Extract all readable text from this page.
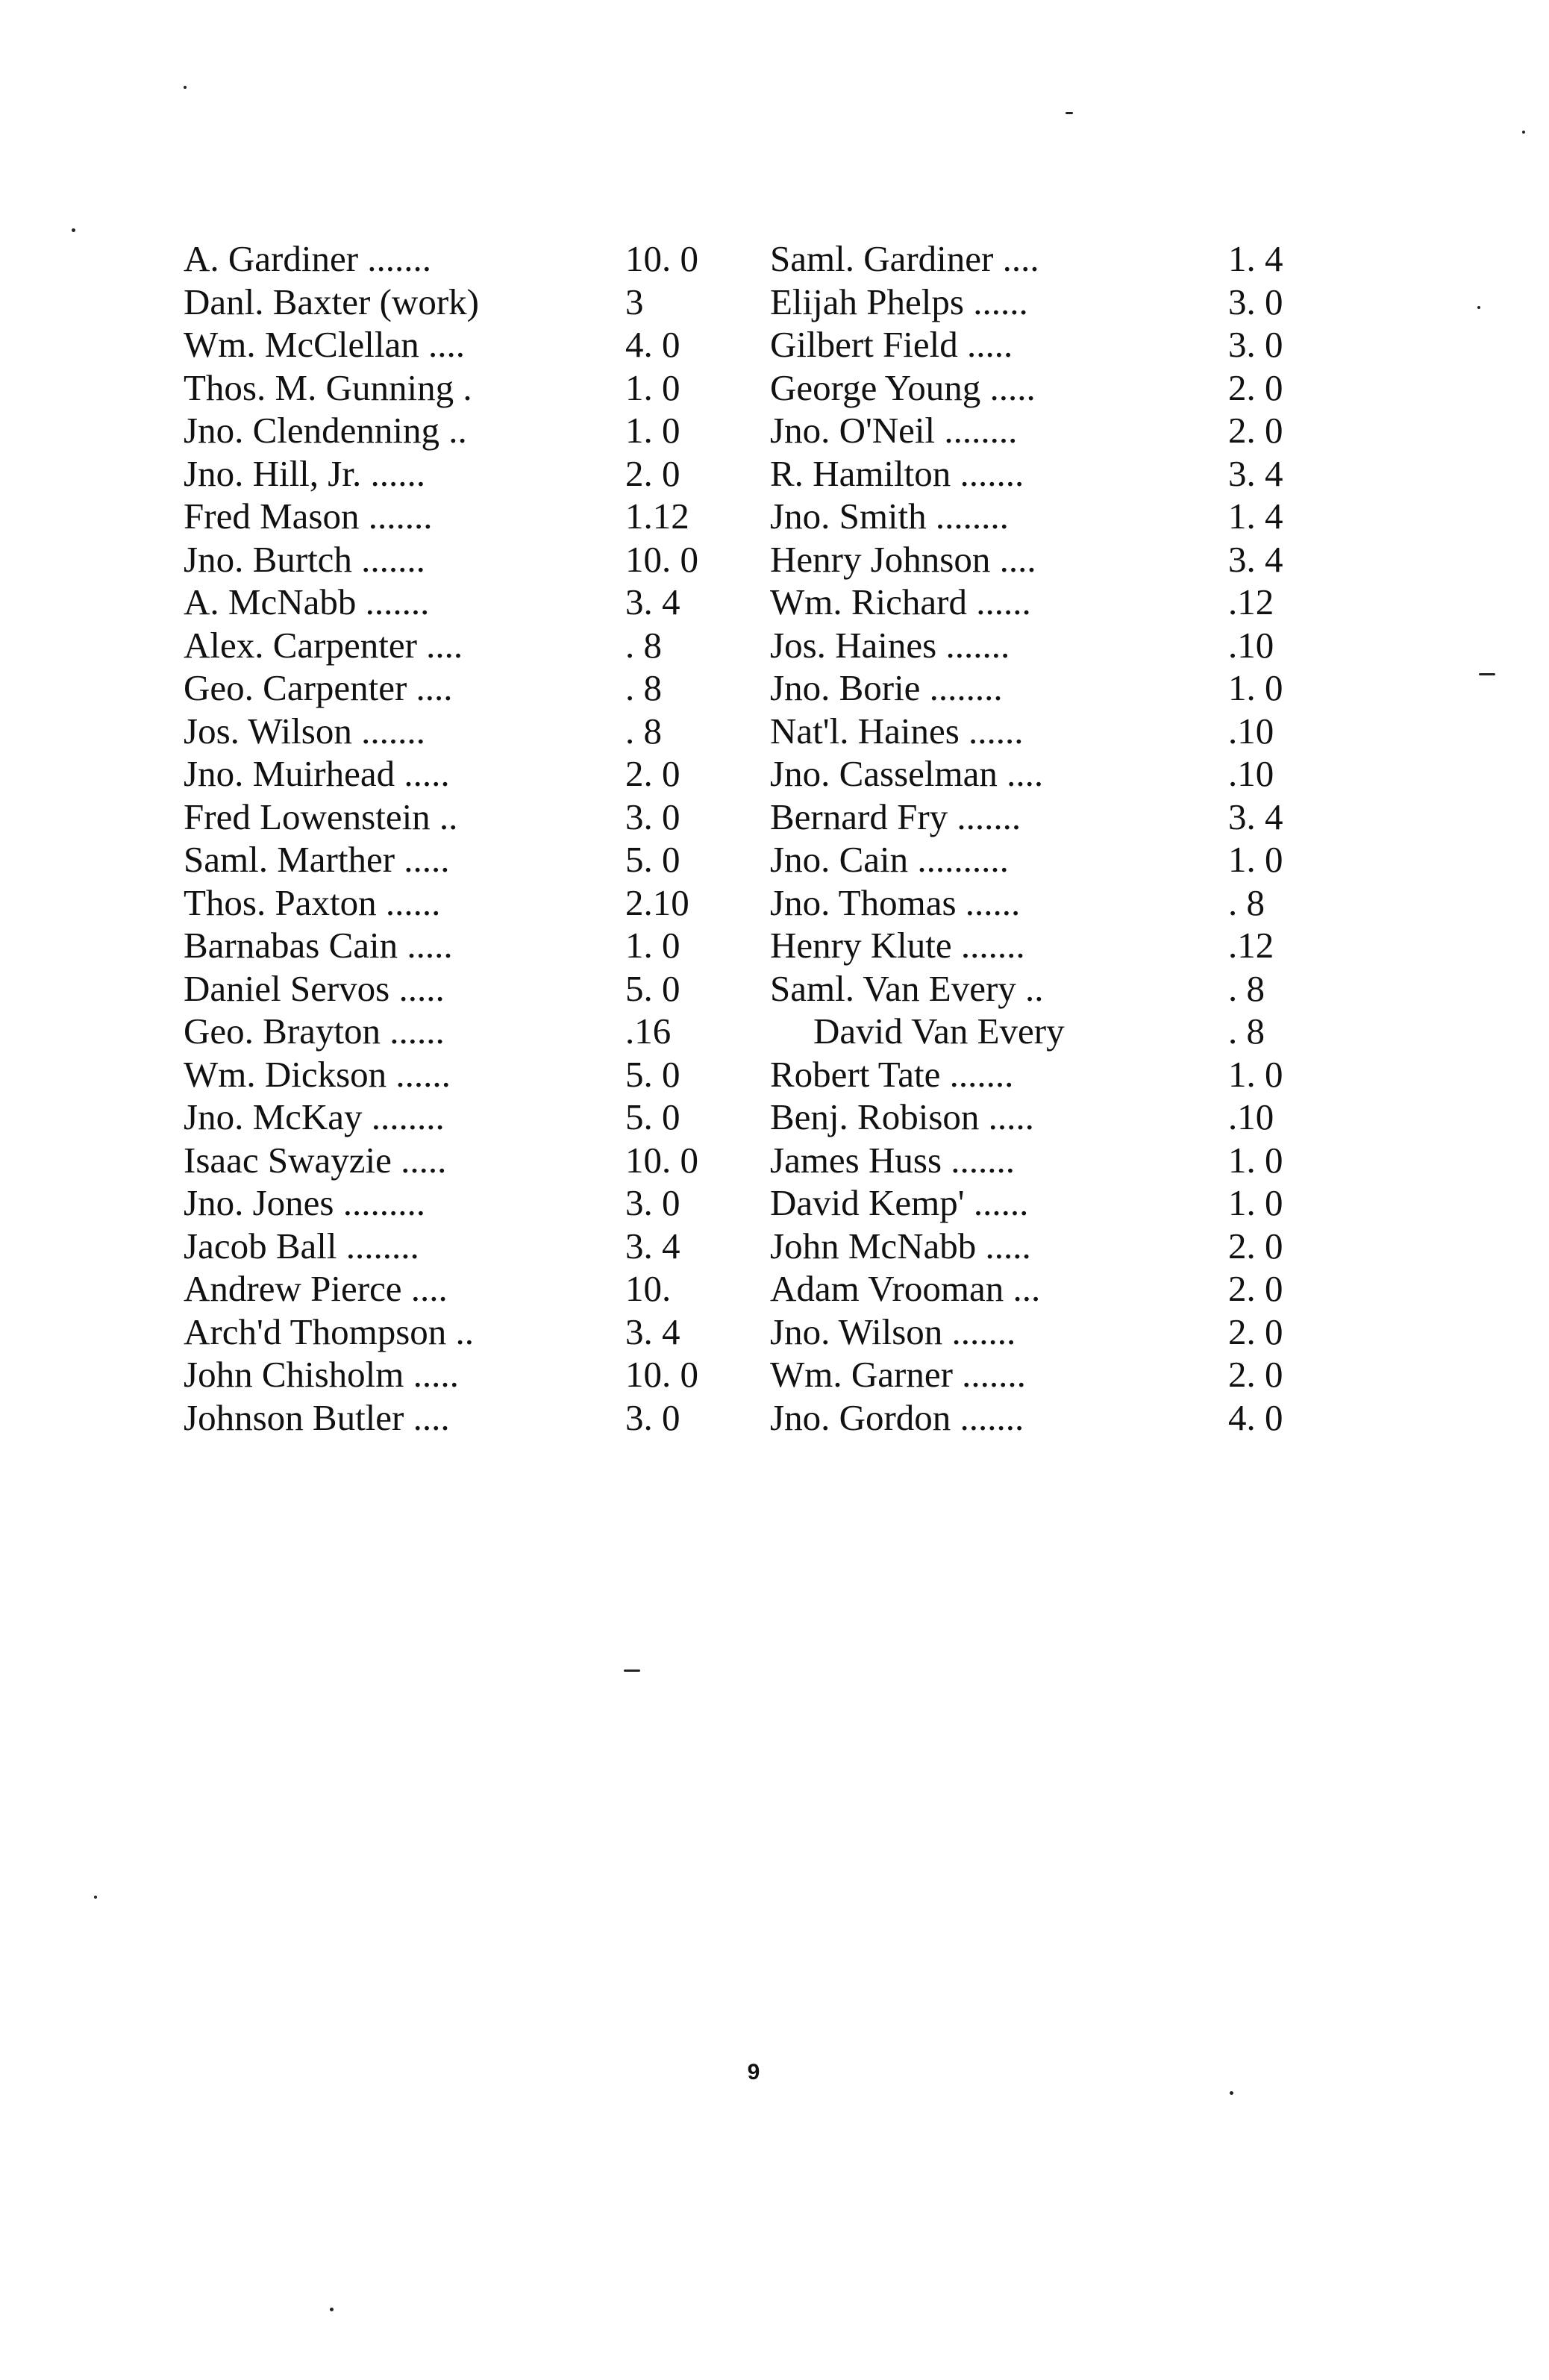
A. Gardiner .......	10. 0
Danl. Baxter (work)	3
Wm. McClellan ....	4. 0
Thos. M. Gunning .	1. 0
Jno. Clendenning ..	1. 0
Jno. Hill, Jr. ......	2. 0
Fred Mason .......	1.12
Jno. Burtch .......	10. 0
A. McNabb .......	3. 4
Alex. Carpenter ....	. 8
Geo. Carpenter ....	. 8
Jos. Wilson .......	. 8
Jno. Muirhead .....	2. 0
Fred Lowenstein ..	3. 0
Saml. Marther .....	5. 0
Thos. Paxton ......	2.10
Barnabas Cain .....	1. 0
Daniel Servos .....	5. 0
Geo. Brayton ......	.16
Wm. Dickson ......	5. 0
Jno. McKay ........	5. 0
Isaac Swayzie .....	10. 0
Jno. Jones .........	3. 0
Jacob Ball ........	3. 4
Andrew Pierce ....	10.
Arch'd Thompson ..	3. 4
John Chisholm .....	10. 0
Johnson Butler ....	3. 0
Saml. Gardiner ....	1. 4
Elijah Phelps ......	3. 0
Gilbert Field .....	3. 0
George Young .....	2. 0
Jno. O'Neil ........	2. 0
R. Hamilton .......	3. 4
Jno. Smith ........	1. 4
Henry Johnson ....	3. 4
Wm. Richard ......	.12
Jos. Haines .......	.10
Jno. Borie ........	1. 0
Nat'l. Haines ......	.10
Jno. Casselman ....	.10
Bernard Fry .......	3. 4
Jno. Cain ..........	1. 0
Jno. Thomas ......	. 8
Henry Klute .......	.12
Saml. Van Every ..	. 8
David Van Every	. 8
Robert Tate .......	1. 0
Benj. Robison .....	.10
James Huss .......	1. 0
David Kemp' ......	1. 0
John McNabb .....	2. 0
Adam Vrooman ...	2. 0
Jno. Wilson .......	2. 0
Wm. Garner .......	2. 0
Jno. Gordon .......	4. 0
9
